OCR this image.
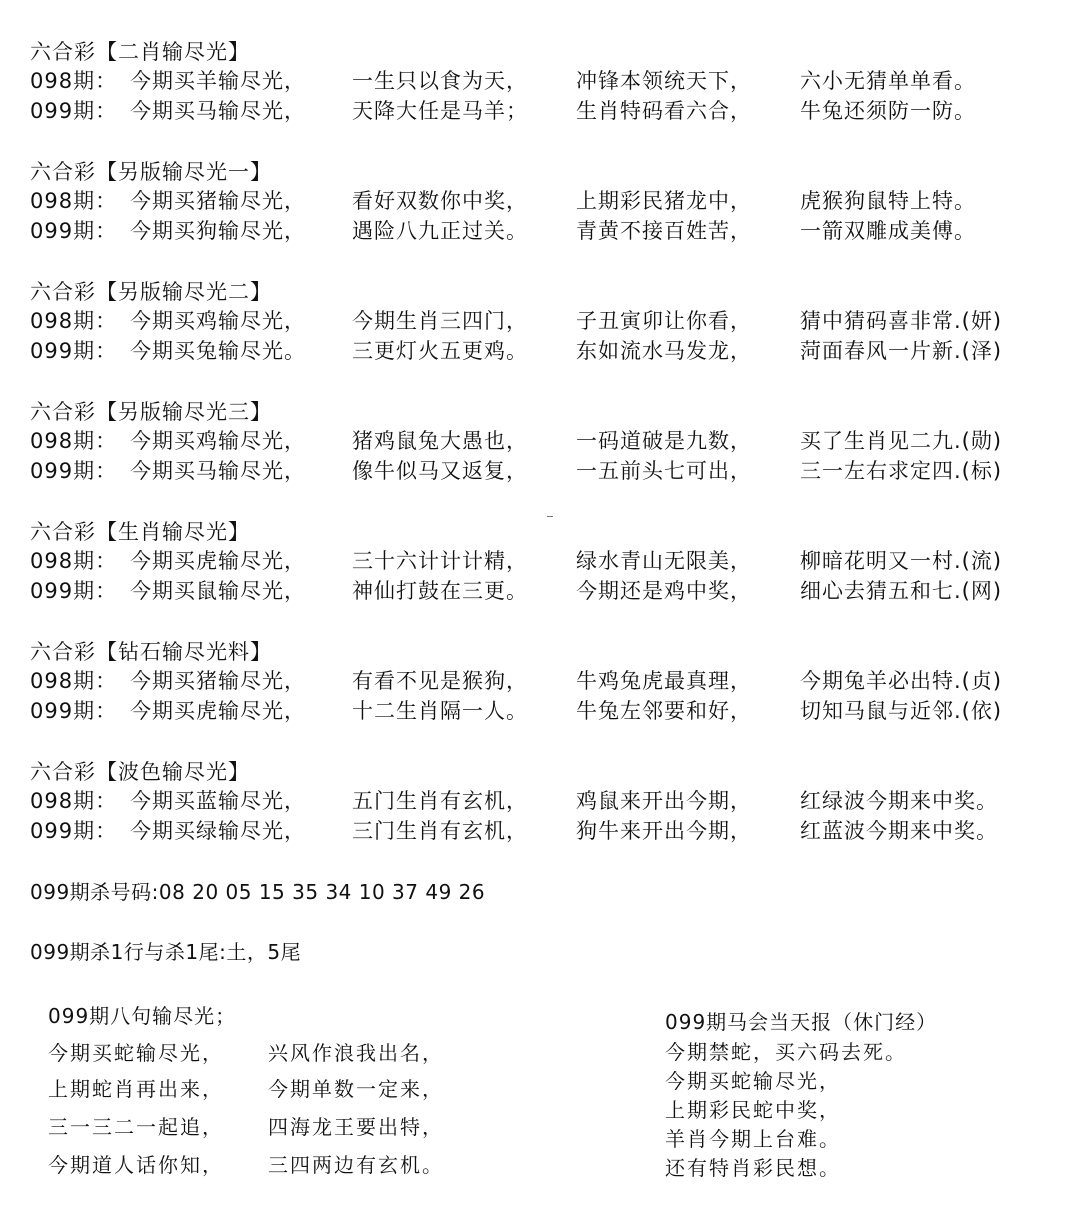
六合彩【二肖输尽光】
098期： 今期买羊输尽光， 一生只以食为天， 冲锋本领统天下， 六小无猜单单看。
099期： 今期买马输尽光， 天降大任是马羊； 生肖特码看六合， 牛兔还须防一防。
六合彩【另版输尽光一】
098期： 今期买猪输尽光， 看好双数你中奖， 上期彩民猪龙中， 虎猴狗鼠特上特。
099期： 今期买狗输尽光， 遇险八九正过关。 青黄不接百姓苦， 一箭双雕成美傅。
六合彩【另版输尽光二】
098期： 今期买鸡输尽光， 今期生肖三四门， 子丑寅卯让你看， 猜中猜码喜非常.(妍)
099期： 今期买兔输尽光。 三更灯火五更鸡。 东如流水马发龙， 菏面春风一片新.(泽)
六合彩【另版输尽光三】
098期： 今期买鸡输尽光， 猪鸡鼠兔大愚也， 一码道破是九数， 买了生肖见二九.(勋)
099期： 今期买马输尽光， 像牛似马又返复， 一五前头七可出， 三一左右求定四.(标)
六合彩【生肖输尽光】
098期： 今期买虎输尽光， 三十六计计计精， 绿水青山无限美， 柳暗花明又一村.(流)
099期： 今期买鼠输尽光， 神仙打鼓在三更。 今期还是鸡中奖， 细心去猜五和七.(网)
六合彩【钻石输尽光料】
098期： 今期买猪输尽光， 有看不见是猴狗， 牛鸡兔虎最真理， 今期兔羊必出特.(贞)
099期： 今期买虎输尽光， 十二生肖隔一人。 牛兔左邻要和好， 切知马鼠与近邻.(依)
六合彩【波色输尽光】
098期： 今期买蓝输尽光， 五门生肖有玄机， 鸡鼠来开出今期， 红绿波今期来中奖。
099期： 今期买绿输尽光， 三门生肖有玄机， 狗牛来开出今期， 红蓝波今期来中奖。
099期杀号码:08 20 05 15 35 34 10 37 49 26
099期杀1行与杀1尾:土，5尾
099期八句输尽光；
今期买蛇输尽光， 兴风作浪我出名，
上期蛇肖再出来， 今期单数一定来，
三一三二一起追， 四海龙王要出特，
今期道人话你知， 三四两边有玄机。
099期马会当天报（休门经）
今期禁蛇，买六码去死。
今期买蛇输尽光，
上期彩民蛇中奖，
羊肖今期上台难。
还有特肖彩民想。
